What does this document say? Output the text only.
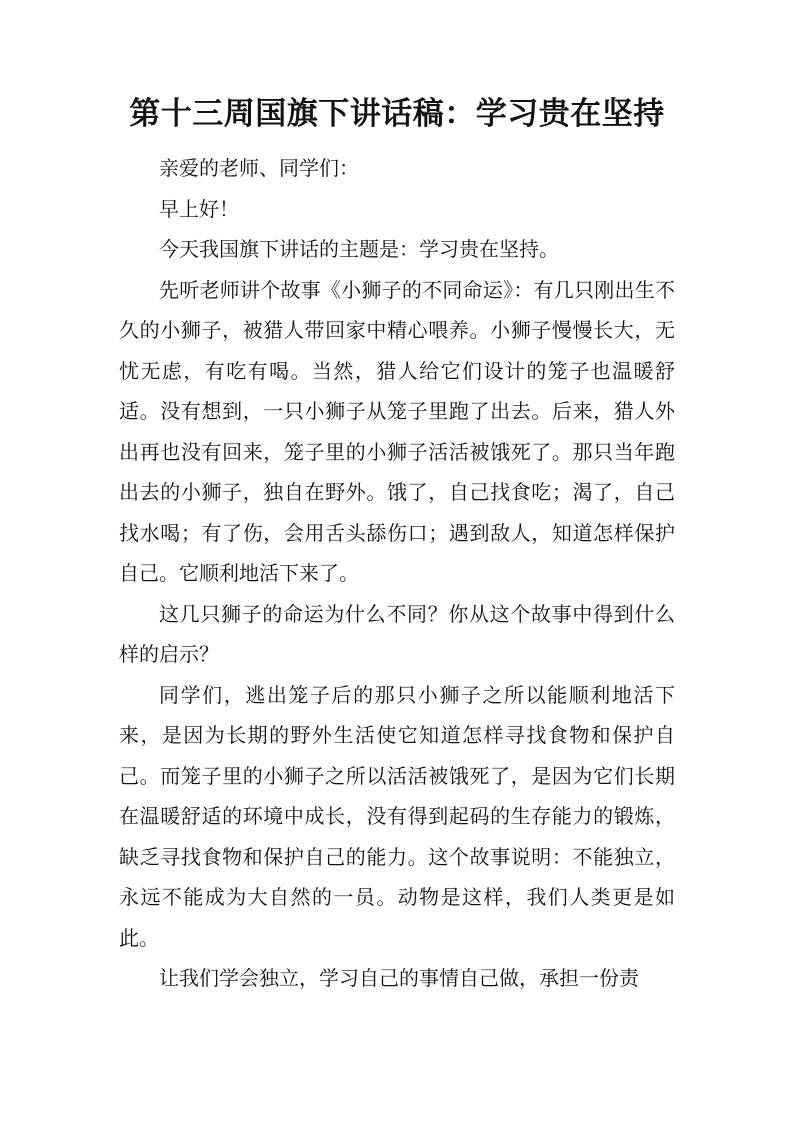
第十三周国旗下讲话稿：学习贵在坚持

亲爱的老师、同学们：

早上好！

今天我国旗下讲话的主题是：学习贵在坚持。

先听老师讲个故事《小狮子的不同命运》：有几只刚出生不久的小狮子，被猎人带回家中精心喂养。小狮子慢慢长大，无忧无虑，有吃有喝。当然，猎人给它们设计的笼子也温暖舒适。没有想到，一只小狮子从笼子里跑了出去。后来，猎人外出再也没有回来，笼子里的小狮子活活被饿死了。那只当年跑出去的小狮子，独自在野外。饿了，自己找食吃；渴了，自己找水喝；有了伤，会用舌头舔伤口；遇到敌人，知道怎样保护自己。它顺利地活下来了。

这几只狮子的命运为什么不同？你从这个故事中得到什么样的启示？

同学们，逃出笼子后的那只小狮子之所以能顺利地活下来，是因为长期的野外生活使它知道怎样寻找食物和保护自己。而笼子里的小狮子之所以活活被饿死了，是因为它们长期在温暖舒适的环境中成长，没有得到起码的生存能力的锻炼，缺乏寻找食物和保护自己的能力。这个故事说明：不能独立，永远不能成为大自然的一员。动物是这样，我们人类更是如此。

让我们学会独立，学习自己的事情自己做，承担一份责
